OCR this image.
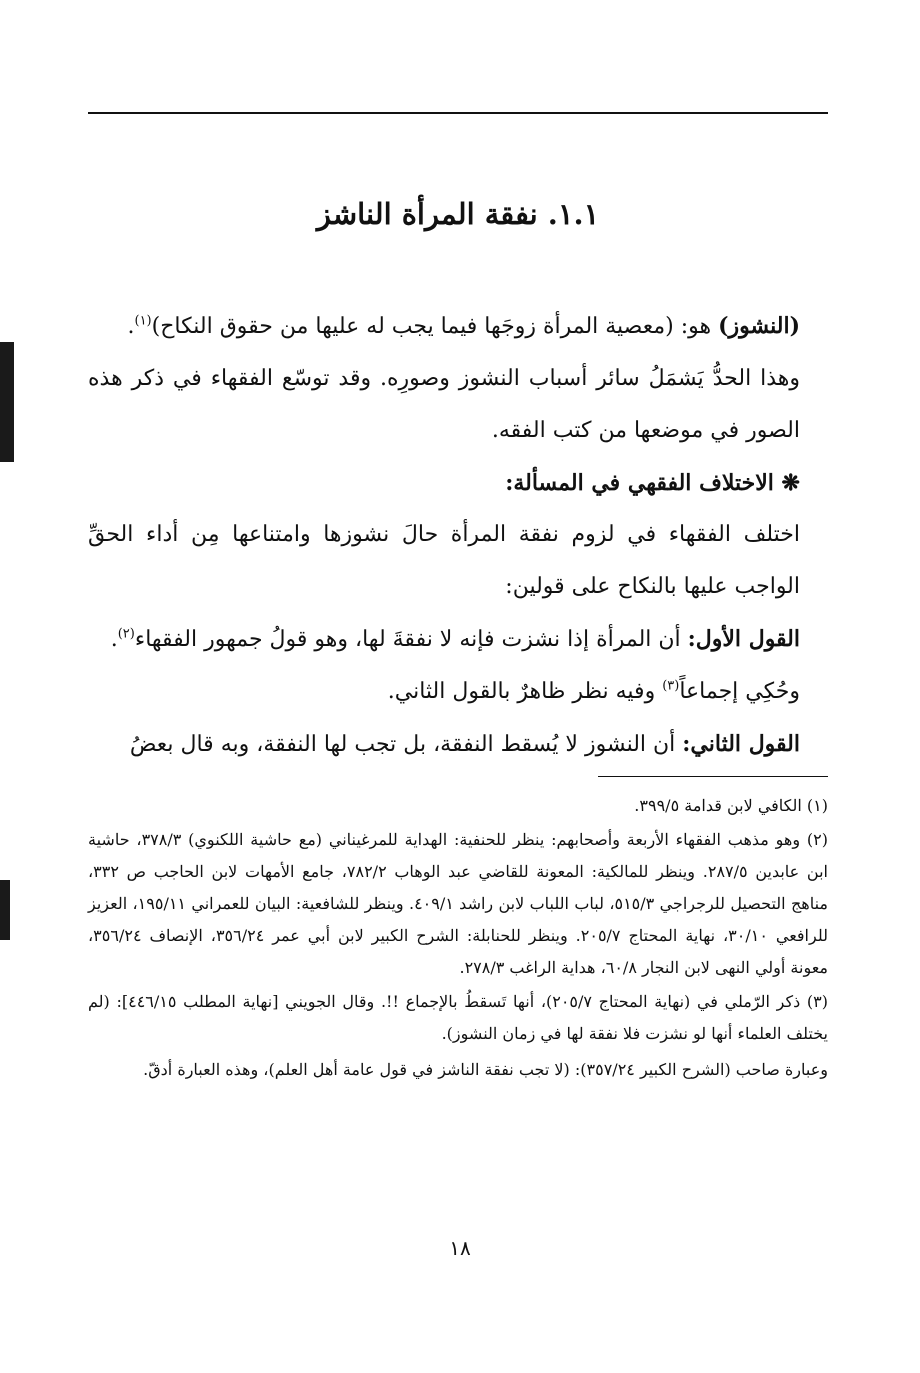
١.١. نفقة المرأة الناشز

(النشوز) هو: (معصية المرأة زوجَها فيما يجب له عليها من حقوق النكاح)$^{(١)}$.

وهذا الحدُّ يَشمَلُ سائر أسباب النشوز وصورِه. وقد توسّع الفقهاء في ذكر هذه الصور في موضعها من كتب الفقه.

❋ الاختلاف الفقهي في المسألة:

اختلف الفقهاء في لزوم نفقة المرأة حالَ نشوزها وامتناعها مِن أداء الحقِّ الواجب عليها بالنكاح على قولين:

القول الأول: أن المرأة إذا نشزت فإنه لا نفقةَ لها، وهو قولُ جمهور الفقهاء$^{(٢)}$.

وحُكِي إجماعاً$^{(٣)}$ وفيه نظر ظاهرٌ بالقول الثاني.

القول الثاني: أن النشوز لا يُسقط النفقة، بل تجب لها النفقة، وبه قال بعضُ

(١) الكافي لابن قدامة ٣٩٩/٥.

(٢) وهو مذهب الفقهاء الأربعة وأصحابهم: ينظر للحنفية: الهداية للمرغيناني (مع حاشية اللكنوي) ٣٧٨/٣، حاشية ابن عابدين ٢٨٧/٥. وينظر للمالكية: المعونة للقاضي عبد الوهاب ٧٨٢/٢، جامع الأمهات لابن الحاجب ص ٣٣٢، مناهج التحصيل للرجراجي ٥١٥/٣، لباب اللباب لابن راشد ٤٠٩/١. وينظر للشافعية: البيان للعمراني ١٩٥/١١، العزيز للرافعي ٣٠/١٠، نهاية المحتاج ٢٠٥/٧. وينظر للحنابلة: الشرح الكبير لابن أبي عمر ٣٥٦/٢٤، الإنصاف ٣٥٦/٢٤، معونة أولي النهى لابن النجار ٦٠/٨، هداية الراغب ٢٧٨/٣.

(٣) ذكر الرّملي في (نهاية المحتاج ٢٠٥/٧)، أنها تَسقطُ بالإجماع !!. وقال الجويني [نهاية المطلب ٤٤٦/١٥]: (لم يختلف العلماء أنها لو نشزت فلا نفقة لها في زمان النشوز).

وعبارة صاحب (الشرح الكبير ٣٥٧/٢٤): (لا تجب نفقة الناشز في قول عامة أهل العلم)، وهذه العبارة أدقّ.

١٨
